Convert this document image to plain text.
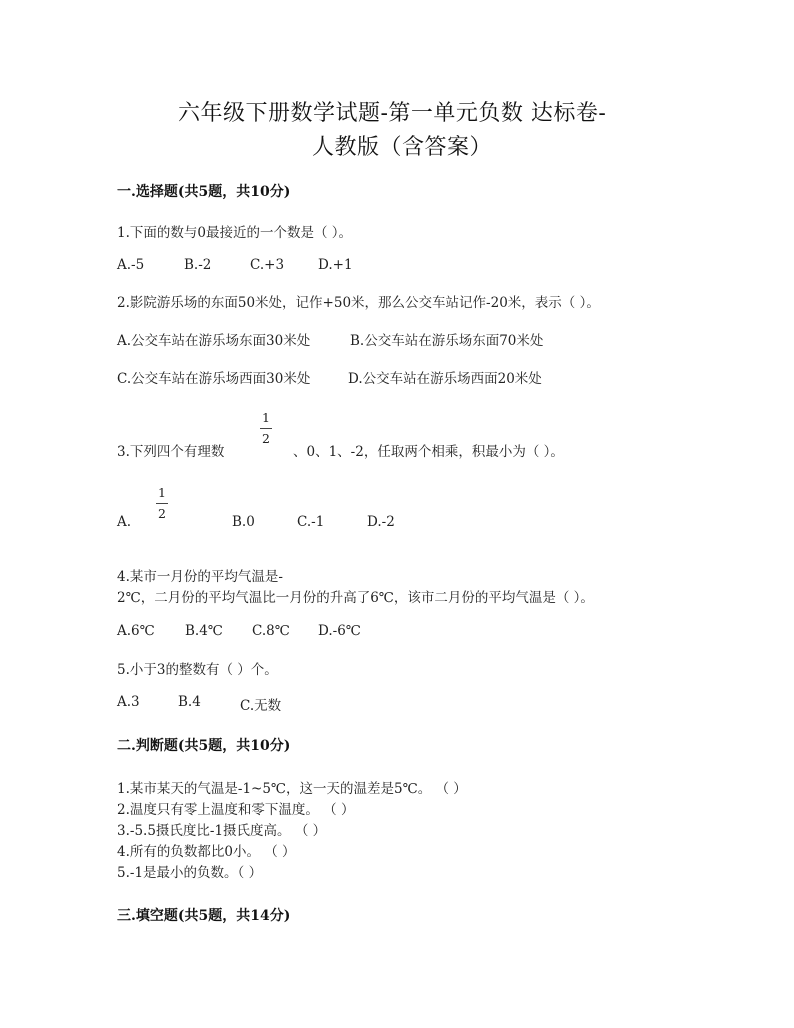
六年级下册数学试题-第一单元负数 达标卷-
人教版（含答案）
一.选择题(共5题，共10分)
1.下面的数与0最接近的一个数是（ ）。
A.-5	B.-2	C.+3	D.+1
2.影院游乐场的东面50米处，记作+50米，那么公交车站记作-20米，表示（ ）。
A.公交车站在游乐场东面30米处	B.公交车站在游乐场东面70米处
C.公交车站在游乐场西面30米处	D.公交车站在游乐场西面20米处
3.下列四个有理数
1
2
、0、1、-2，任取两个相乘，积最小为（ ）。
A.
1
2
B.0	C.-1	D.-2
4.某市一月份的平均气温是-
2℃，二月份的平均气温比一月份的升高了6℃，该市二月份的平均气温是（ ）。
A.6℃ B.4℃ C.8℃ D.-6℃
5.小于3的整数有（ ）个。
A.3	B.4	C.无数
二.判断题(共5题，共10分)
1.某市某天的气温是-1~5℃，这一天的温差是5℃。 （ ）
2.温度只有零上温度和零下温度。 （ ）
3.-5.5摄氏度比-1摄氏度高。 （ ）
4.所有的负数都比0小。 （ ）
5.-1是最小的负数。（ ）
三.填空题(共5题，共14分)
